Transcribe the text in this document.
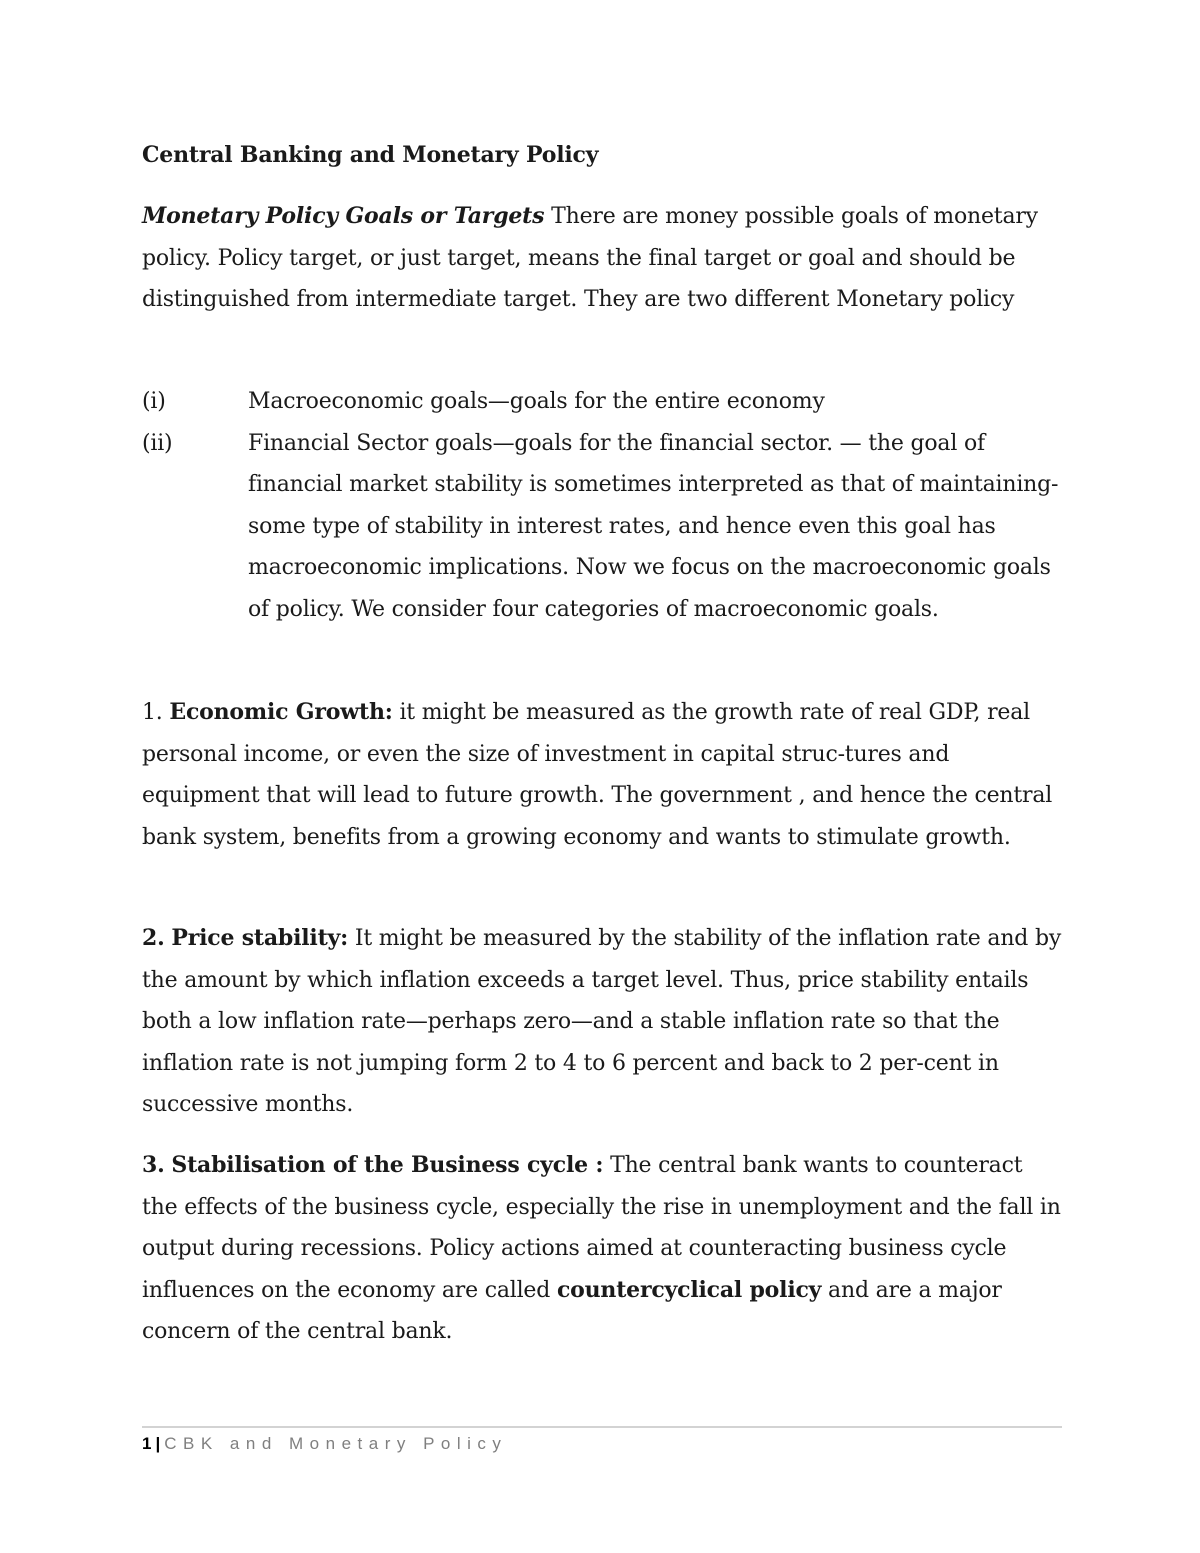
Central Banking and Monetary Policy

Monetary Policy Goals or Targets There are money possible goals of monetary policy. Policy target, or just target, means the final target or goal and should be distinguished from intermediate target. They are two different Monetary policy

(i)	Macroeconomic goals—goals for the entire economy
(ii)	Financial Sector goals—goals for the financial sector. — the goal of financial market stability is sometimes interpreted as that of maintaining- some type of stability in interest rates, and hence even this goal has macroeconomic implications. Now we focus on the macroeconomic goals of policy. We consider four categories of macroeconomic goals.

1. Economic Growth: it might be measured as the growth rate of real GDP, real personal income, or even the size of investment in capital struc-tures and equipment that will lead to future growth. The government , and hence the central bank system, benefits from a growing economy and wants to stimulate growth.

2. Price stability: It might be measured by the stability of the inflation rate and by the amount by which inflation exceeds a target level. Thus, price stability entails both a low inflation rate—perhaps zero—and a stable inflation rate so that the inflation rate is not jumping form 2 to 4 to 6 percent and back to 2 per-cent in successive months.

3. Stabilisation of the Business cycle : The central bank wants to counteract the effects of the business cycle, especially the rise in unemployment and the fall in output during recessions. Policy actions aimed at counteracting business cycle influences on the economy are called countercyclical policy and are a major concern of the central bank.

1 | CBK and Monetary Policy
